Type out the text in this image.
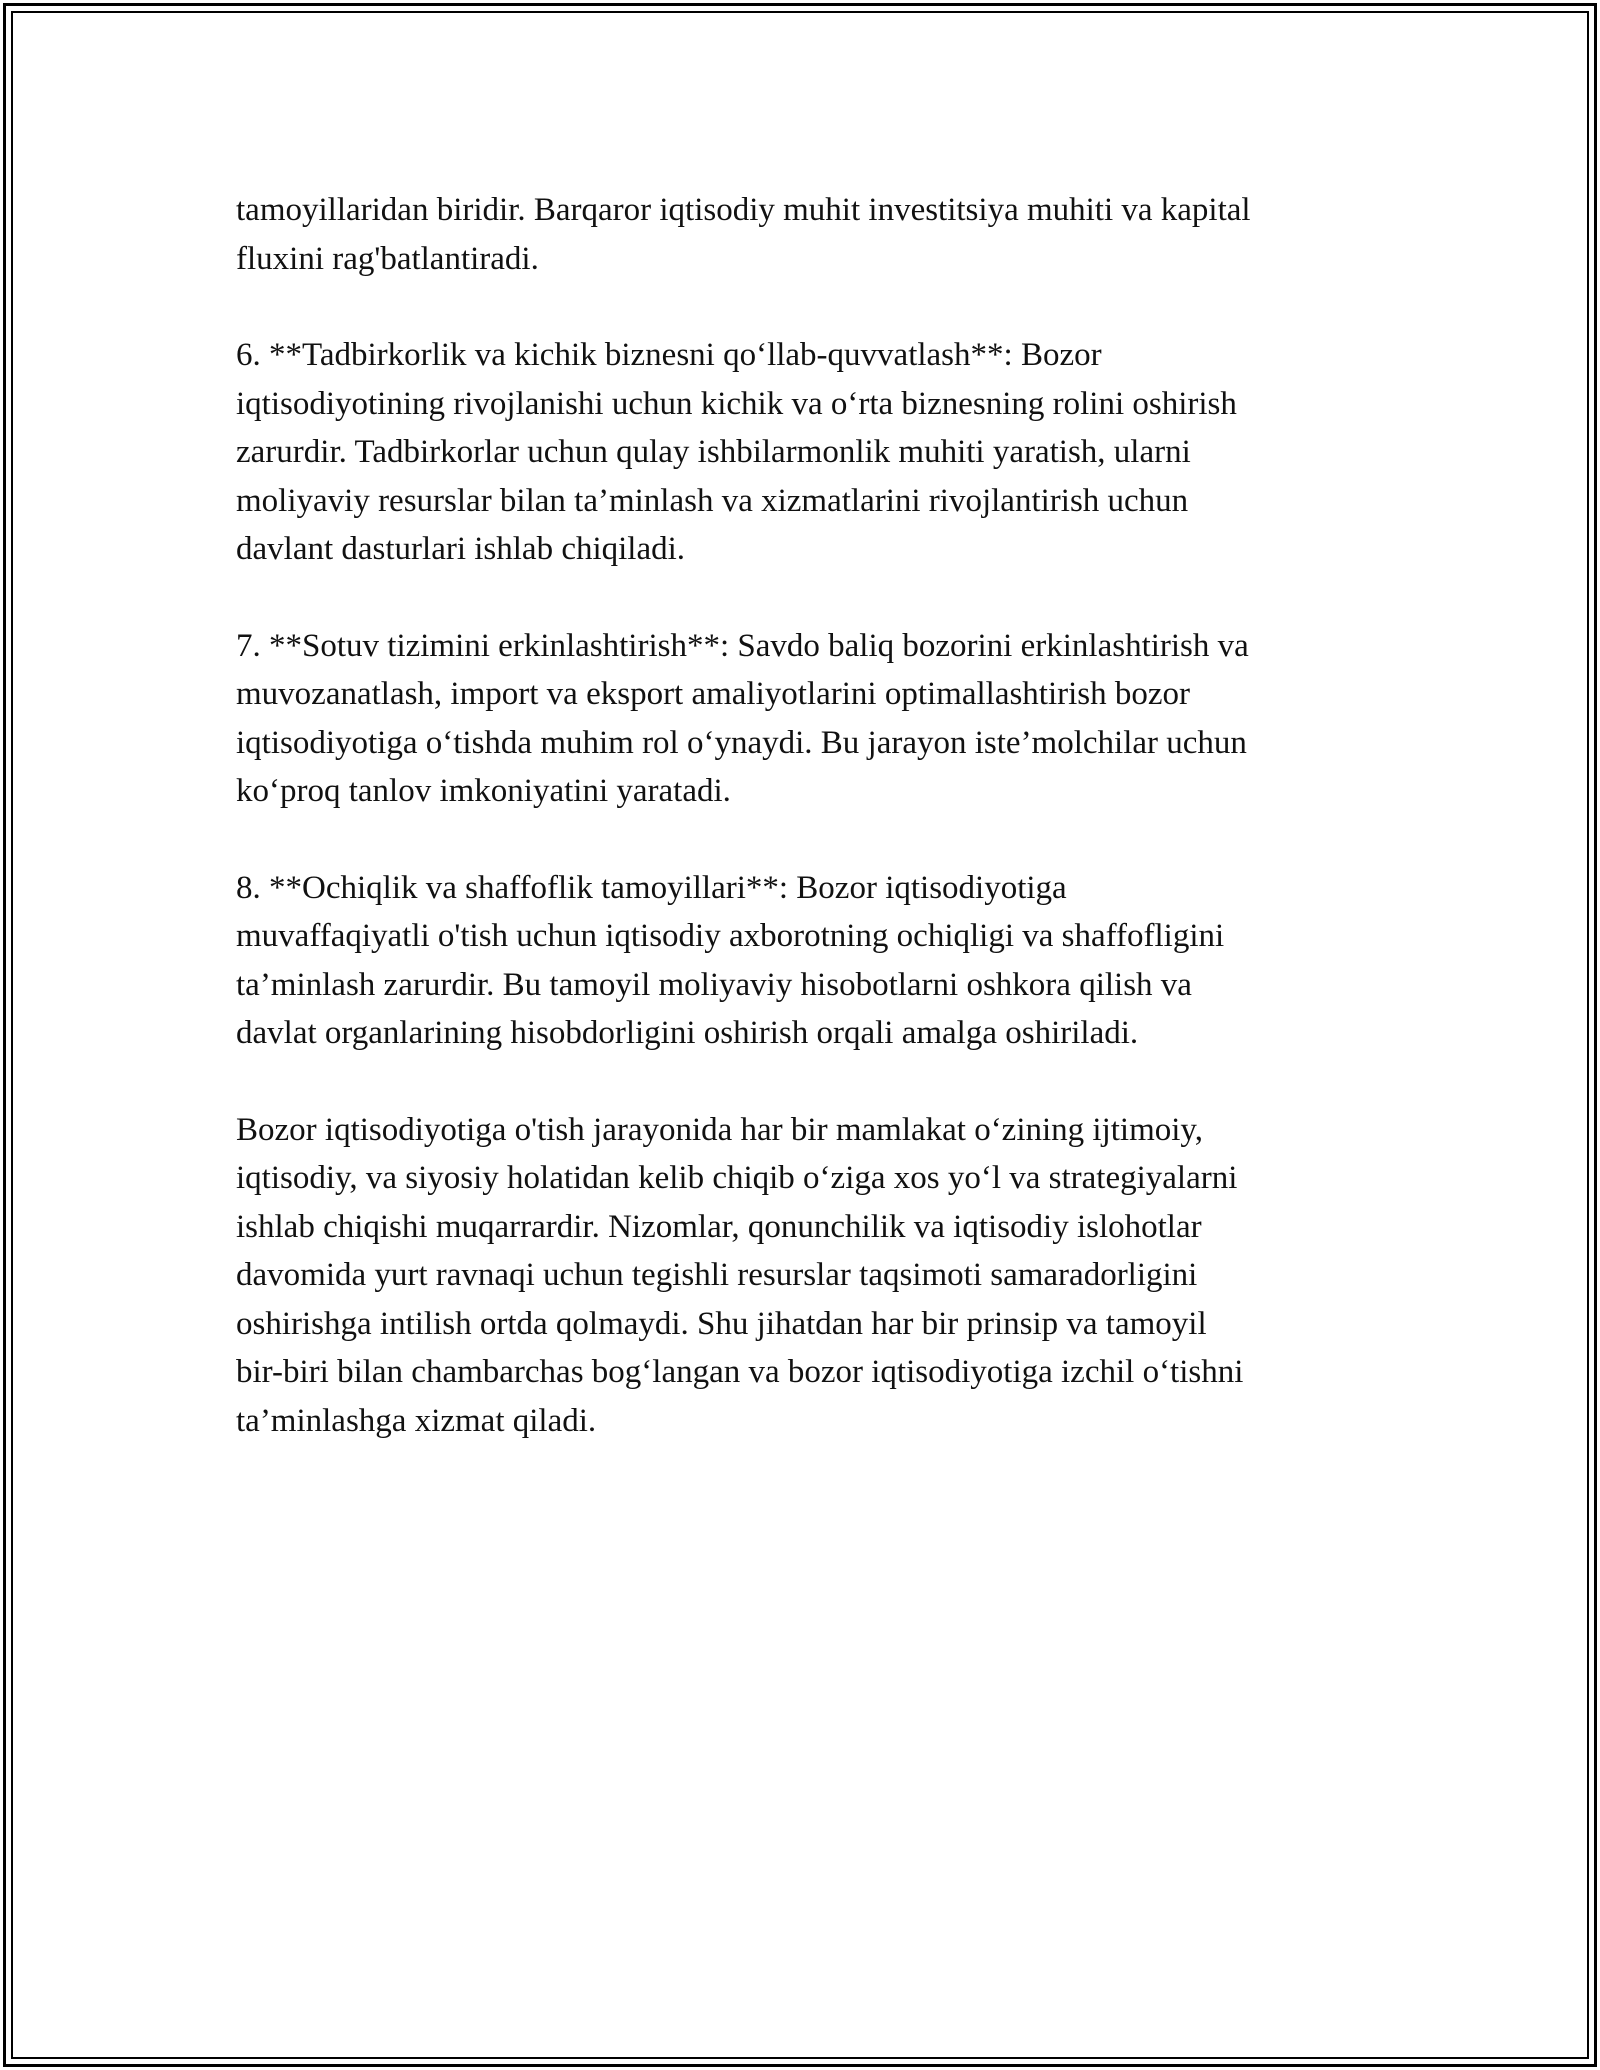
tamoyillaridan biridir. Barqaror iqtisodiy muhit investitsiya muhiti va kapital
fluxini rag'batlantiradi.

6. **Tadbirkorlik va kichik biznesni qo‘llab-quvvatlash**: Bozor
iqtisodiyotining rivojlanishi uchun kichik va o‘rta biznesning rolini oshirish
zarurdir. Tadbirkorlar uchun qulay ishbilarmonlik muhiti yaratish, ularni
moliyaviy resurslar bilan ta’minlash va xizmatlarini rivojlantirish uchun
davlant dasturlari ishlab chiqiladi.

7. **Sotuv tizimini erkinlashtirish**: Savdo baliq bozorini erkinlashtirish va
muvozanatlash, import va eksport amaliyotlarini optimallashtirish bozor
iqtisodiyotiga o‘tishda muhim rol o‘ynaydi. Bu jarayon iste’molchilar uchun
ko‘proq tanlov imkoniyatini yaratadi.

8. **Ochiqlik va shaffoflik tamoyillari**: Bozor iqtisodiyotiga
muvaffaqiyatli o'tish uchun iqtisodiy axborotning ochiqligi va shaffofligini
ta’minlash zarurdir. Bu tamoyil moliyaviy hisobotlarni oshkora qilish va
davlat organlarining hisobdorligini oshirish orqali amalga oshiriladi.

Bozor iqtisodiyotiga o'tish jarayonida har bir mamlakat o‘zining ijtimoiy,
iqtisodiy, va siyosiy holatidan kelib chiqib o‘ziga xos yo‘l va strategiyalarni
ishlab chiqishi muqarrardir. Nizomlar, qonunchilik va iqtisodiy islohotlar
davomida yurt ravnaqi uchun tegishli resurslar taqsimoti samaradorligini
oshirishga intilish ortda qolmaydi. Shu jihatdan har bir prinsip va tamoyil
bir-biri bilan chambarchas bog‘langan va bozor iqtisodiyotiga izchil o‘tishni
ta’minlashga xizmat qiladi.
